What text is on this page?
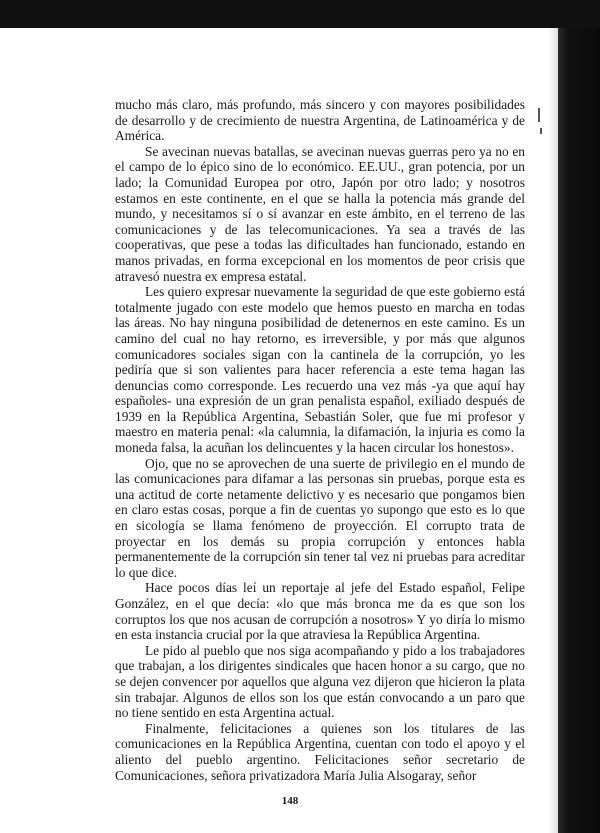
mucho más claro, más profundo, más sincero y con mayores posibilidades de desarrollo y de crecimiento de nuestra Argentina, de Latinoamérica y de América.

Se avecinan nuevas batallas, se avecinan nuevas guerras pero ya no en el campo de lo épico sino de lo económico. EE.UU., gran potencia, por un lado; la Comunidad Europea por otro, Japón por otro lado; y nosotros estamos en este continente, en el que se halla la potencia más grande del mundo, y necesitamos sí o sí avanzar en este ámbito, en el terreno de las comunicaciones y de las telecomunicaciones. Ya sea a través de las cooperativas, que pese a todas las dificultades han funcionado, estando en manos privadas, en forma excepcional en los momentos de peor crisis que atravesó nuestra ex empresa estatal.

Les quiero expresar nuevamente la seguridad de que este gobierno está totalmente jugado con este modelo que hemos puesto en marcha en todas las áreas. No hay ninguna posibilidad de detenernos en este camino. Es un camino del cual no hay retorno, es irreversible, y por más que algunos comunicadores sociales sigan con la cantinela de la corrupción, yo les pediría que si son valientes para hacer referencia a este tema hagan las denuncias como corresponde. Les recuerdo una vez más -ya que aquí hay españoles- una expresión de un gran penalista español, exiliado después de 1939 en la República Argentina, Sebastián Soler, que fue mi profesor y maestro en materia penal: «la calumnia, la difamación, la injuria es como la moneda falsa, la acuñan los delincuentes y la hacen circular los honestos».

Ojo, que no se aprovechen de una suerte de privilegio en el mundo de las comunicaciones para difamar a las personas sin pruebas, porque esta es una actitud de corte netamente delictivo y es necesario que pongamos bien en claro estas cosas, porque a fin de cuentas yo supongo que esto es lo que en sicología se llama fenómeno de proyección. El corrupto trata de proyectar en los demás su propia corrupción y entonces habla permanentemente de la corrupción sin tener tal vez ni pruebas para acreditar lo que dice.

Hace pocos días leí un reportaje al jefe del Estado español, Felipe González, en el que decía: «lo que más bronca me da es que son los corruptos los que nos acusan de corrupción a nosotros» Y yo diría lo mismo en esta instancia crucial por la que atraviesa la República Argentina.

Le pido al pueblo que nos siga acompañando y pido a los trabajadores que trabajan, a los dirigentes sindicales que hacen honor a su cargo, que no se dejen convencer por aquellos que alguna vez dijeron que hicieron la plata sin trabajar. Algunos de ellos son los que están convocando a un paro que no tiene sentido en esta Argentina actual.

Finalmente, felicitaciones a quienes son los titulares de las comunicaciones en la República Argentina, cuentan con todo el apoyo y el aliento del pueblo argentino. Felicitaciones señor secretario de Comunicaciones, señora privatizadora María Julia Alsogaray, señor

148
